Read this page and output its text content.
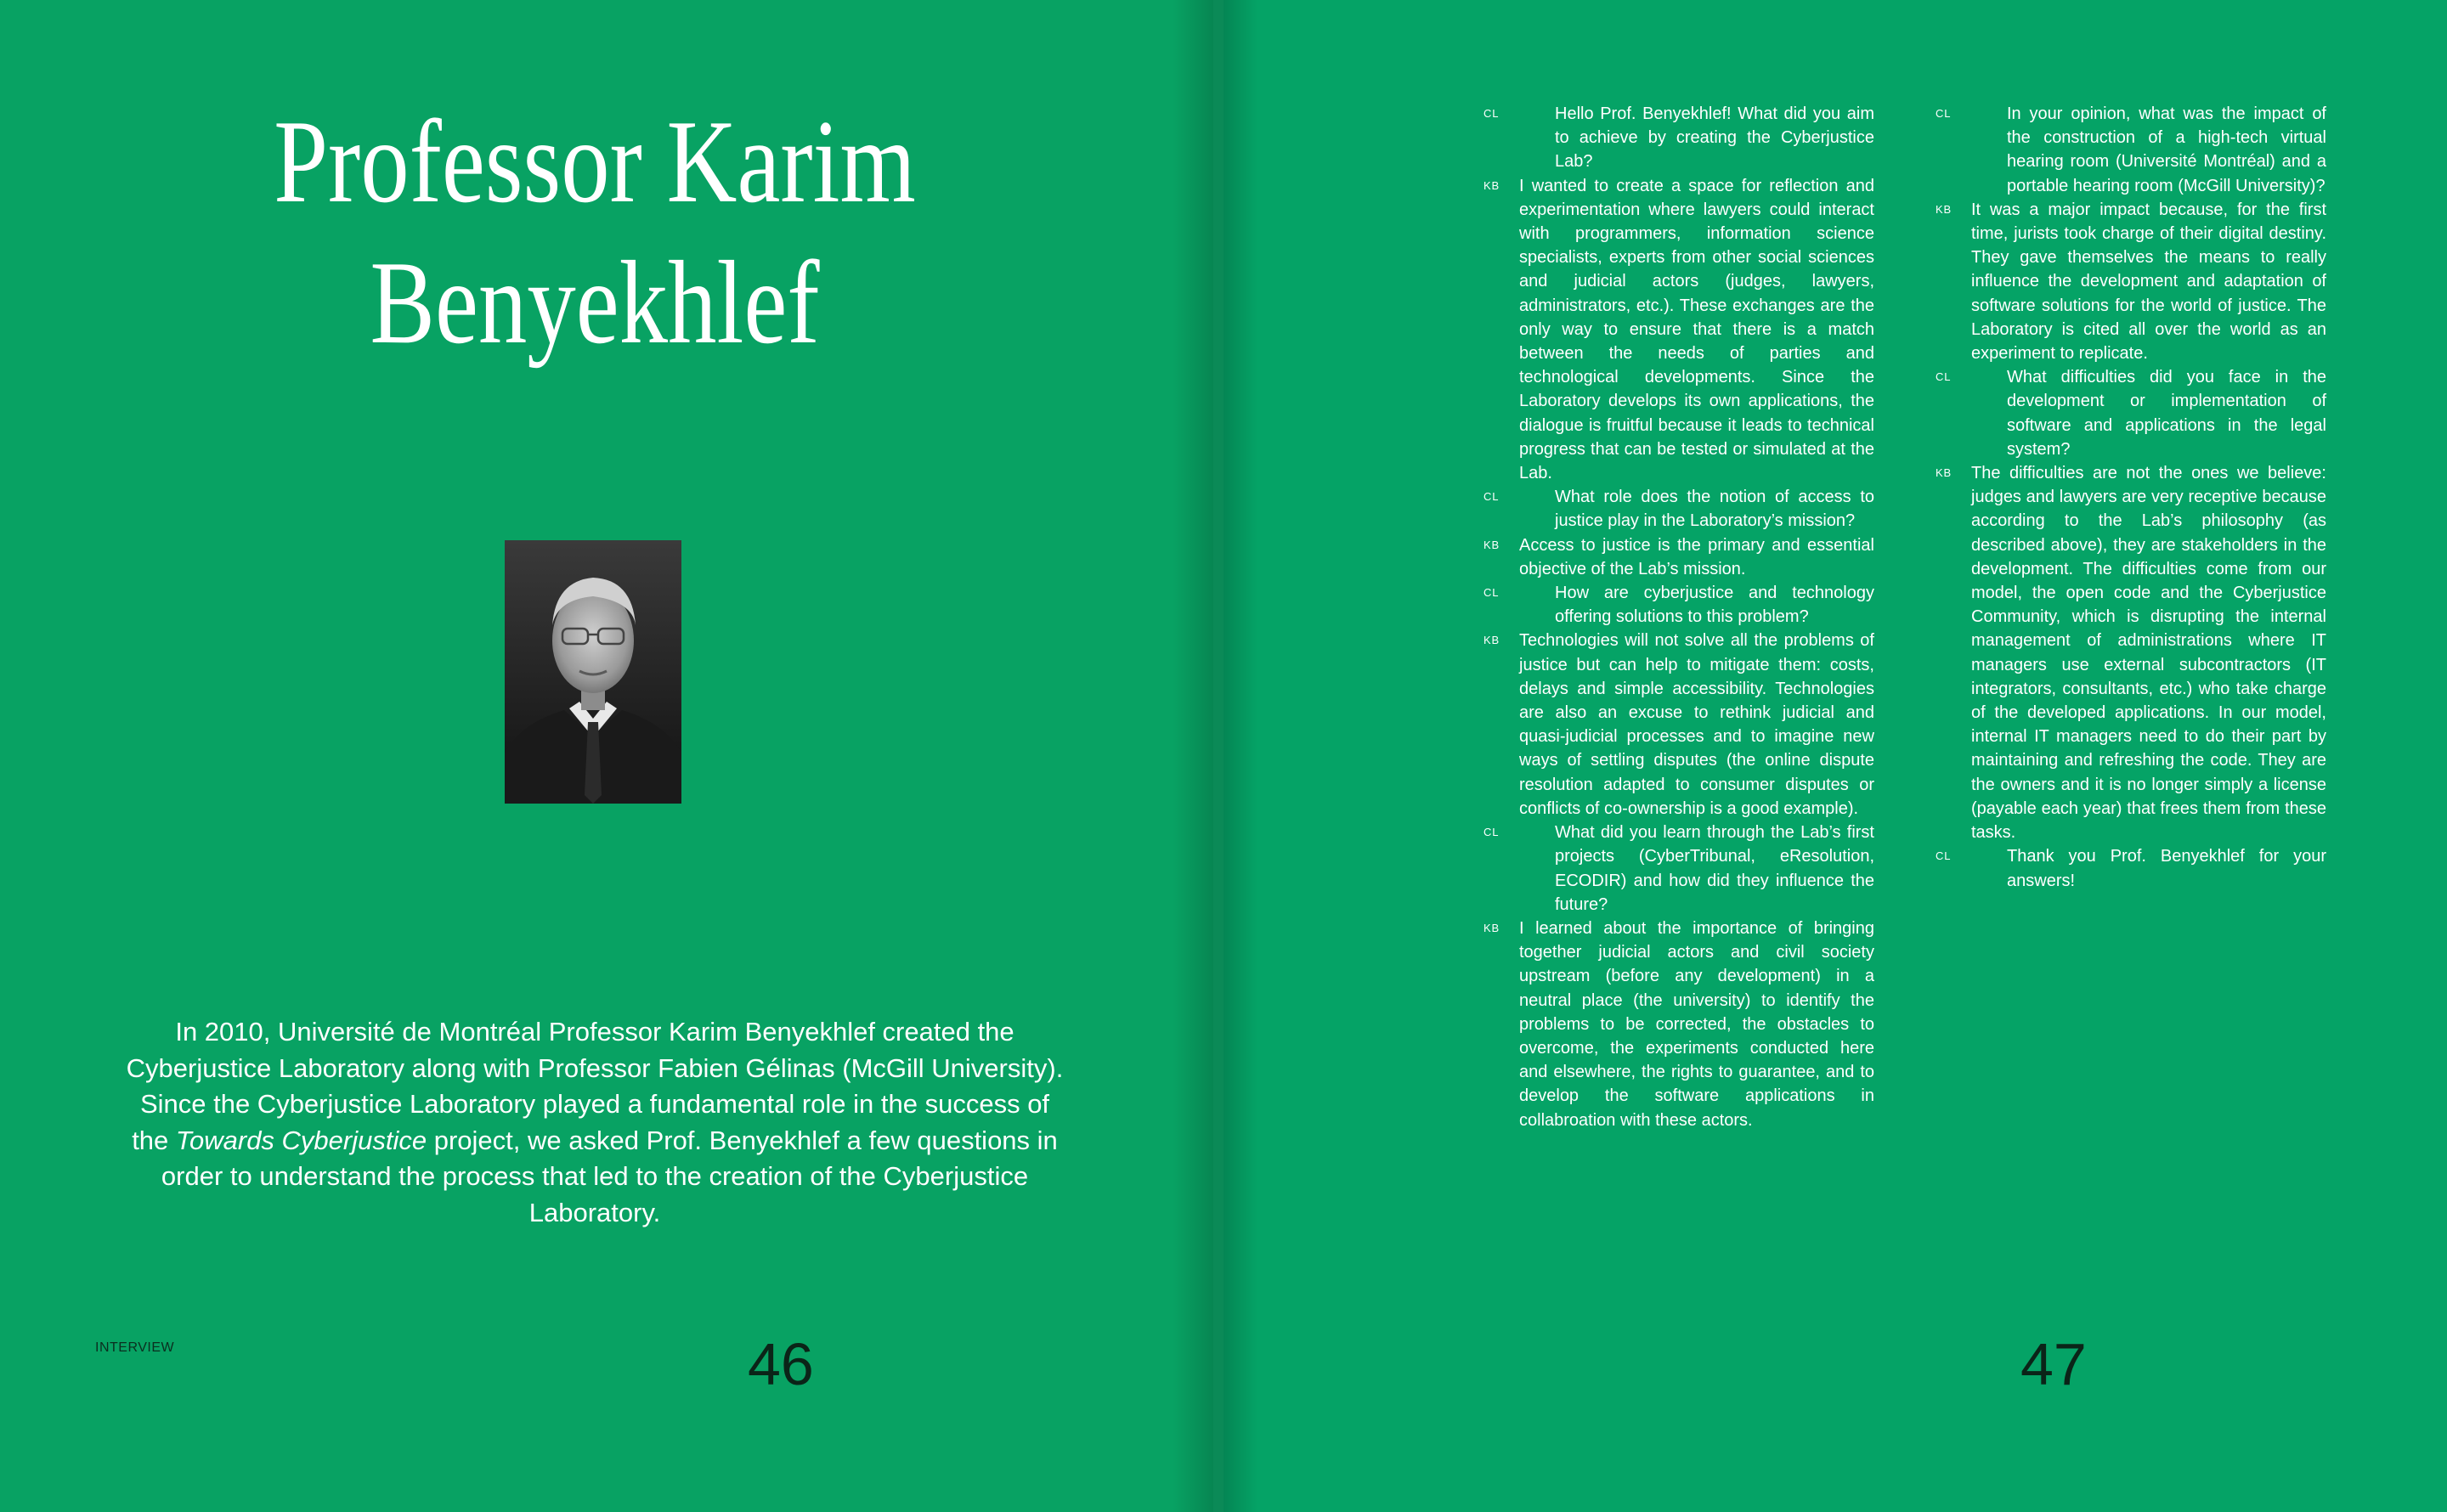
Professor Karim
Benyekhlef

In 2010, Université de Montréal Professor Karim Benyekhlef created the Cyberjustice Laboratory along with Professor Fabien Gélinas (McGill University). Since the Cyberjustice Laboratory played a fundamental role in the success of the Towards Cyberjustice project, we asked Prof. Benyekhlef a few questions in order to understand the process that led to the creation of the Cyberjustice Laboratory.

INTERVIEW	46
CL	Hello Prof. Benyekhlef! What did you aim to achieve by creating the Cyberjustice Lab?
KB I wanted to create a space for reflection and experimentation where lawyers could interact with programmers, information science specialists, experts from other social sciences and judicial actors (judges, lawyers, administrators, etc.). These exchanges are the only way to ensure that there is a match between the needs of parties and technological developments. Since the Laboratory develops its own applications, the dialogue is fruitful because it leads to technical progress that can be tested or simulated at the Lab.
CL	What role does the notion of access to justice play in the Laboratory’s mission?
KB Access to justice is the primary and essential objective of the Lab’s mission.
CL	How are cyberjustice and technology offering solutions to this problem?
KB Technologies will not solve all the problems of justice but can help to mitigate them: costs, delays and simple accessibility. Technologies are also an excuse to rethink judicial and quasi-judicial processes and to imagine new ways of settling disputes (the online dispute resolution adapted to consumer disputes or conflicts of co-ownership is a good example).
CL	What did you learn through the Lab’s first projects (CyberTribunal, eResolution, ECODIR) and how did they influence the future?
KB I learned about the importance of bringing together judicial actors and civil society upstream (before any development) in a neutral place (the university) to identify the problems to be corrected, the obstacles to overcome, the experiments conducted here and elsewhere, the rights to guarantee, and to develop the software applications in collabroation with these actors.
CL	In your opinion, what was the impact of the construction of a high-tech virtual hearing room (Université Montréal) and a portable hearing room (McGill University)?
KB It was a major impact because, for the first time, jurists took charge of their digital destiny. They gave themselves the means to really influence the development and adaptation of software solutions for the world of justice. The Laboratory is cited all over the world as an experiment to replicate.
CL	What difficulties did you face in the development or implementation of software and applications in the legal system?
KB The difficulties are not the ones we believe: judges and lawyers are very receptive because according to the Lab’s philosophy (as described above), they are stakeholders in the development. The difficulties come from our model, the open code and the Cyberjustice Community, which is disrupting the internal management of administrations where IT managers use external subcontractors (IT integrators, consultants, etc.) who take charge of the developed applications. In our model, internal IT managers need to do their part by maintaining and refreshing the code. They are the owners and it is no longer simply a license (payable each year) that frees them from these tasks.
CL	Thank you Prof. Benyekhlef for your answers!
47
